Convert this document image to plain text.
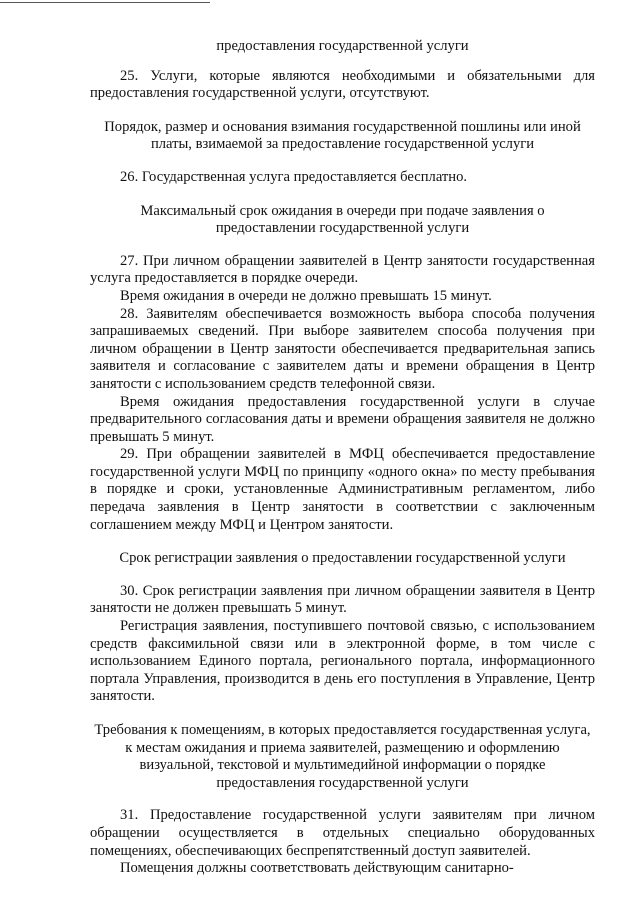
предоставления государственной услуги

25. Услуги, которые являются необходимыми и обязательными для предоставления государственной услуги, отсутствуют.

Порядок, размер и основания взимания государственной пошлины или иной платы, взимаемой за предоставление государственной услуги

26. Государственная услуга предоставляется бесплатно.

Максимальный срок ожидания в очереди при подаче заявления о предоставлении государственной услуги

27. При личном обращении заявителей в Центр занятости государственная услуга предоставляется в порядке очереди.

Время ожидания в очереди не должно превышать 15 минут.

28. Заявителям обеспечивается возможность выбора способа получения запрашиваемых сведений. При выборе заявителем способа получения при личном обращении в Центр занятости обеспечивается предварительная запись заявителя и согласование с заявителем даты и времени обращения в Центр занятости с использованием средств телефонной связи.

Время ожидания предоставления государственной услуги в случае предварительного согласования даты и времени обращения заявителя не должно превышать 5 минут.

29. При обращении заявителей в МФЦ обеспечивается предоставление государственной услуги МФЦ по принципу «одного окна» по месту пребывания в порядке и сроки, установленные Административным регламентом, либо передача заявления в Центр занятости в соответствии с заключенным соглашением между МФЦ и Центром занятости.

Срок регистрации заявления о предоставлении государственной услуги

30. Срок регистрации заявления при личном обращении заявителя в Центр занятости не должен превышать 5 минут.

Регистрация заявления, поступившего почтовой связью, с использованием средств факсимильной связи или в электронной форме, в том числе с использованием Единого портала, регионального портала, информационного портала Управления, производится в день его поступления в Управление, Центр занятости.

Требования к помещениям, в которых предоставляется государственная услуга, к местам ожидания и приема заявителей, размещению и оформлению визуальной, текстовой и мультимедийной информации о порядке предоставления государственной услуги

31. Предоставление государственной услуги заявителям при личном обращении осуществляется в отдельных специально оборудованных помещениях, обеспечивающих беспрепятственный доступ заявителей.

Помещения должны соответствовать действующим санитарно-
